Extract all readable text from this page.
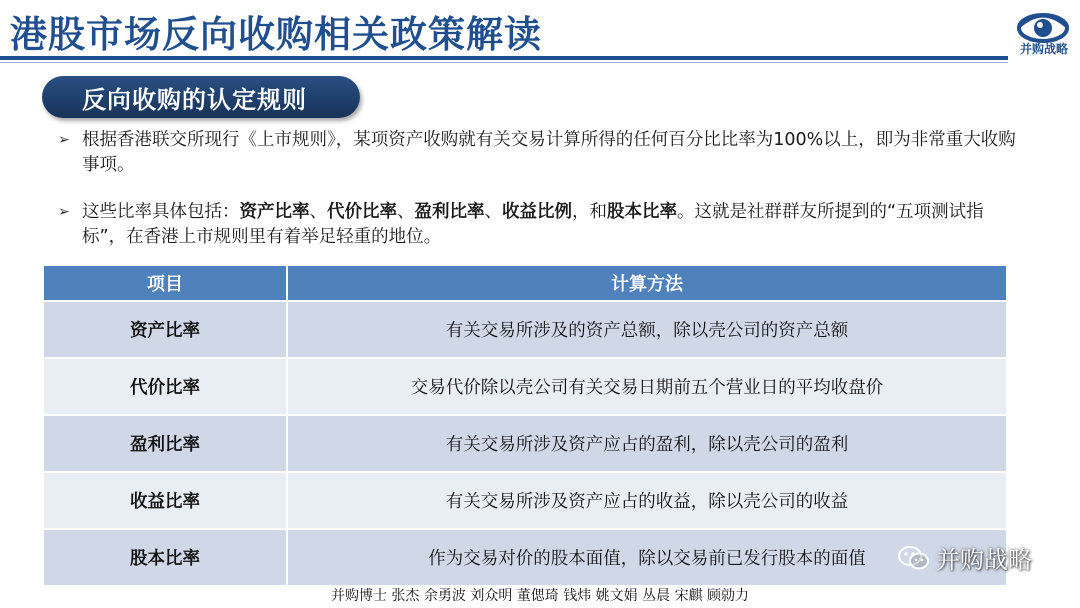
港股市场反向收购相关政策解读	并购战略
反向收购的认定规则
➢ 根据香港联交所现行《上市规则》，某项资产收购就有关交易计算所得的任何百分比比率为100%以上，即为非常重大收购事项。
➢ 这些比率具体包括：资产比率、代价比率、盈利比率、收益比例，和股本比率。这就是社群群友所提到的“五项测试指标”，在香港上市规则里有着举足轻重的地位。
项目	计算方法
资产比率	有关交易所涉及的资产总额，除以壳公司的资产总额
代价比率	交易代价除以壳公司有关交易日期前五个营业日的平均收盘价
盈利比率	有关交易所涉及资产应占的盈利，除以壳公司的盈利
收益比率	有关交易所涉及资产应占的收益，除以壳公司的收益
股本比率	作为交易对价的股本面值，除以交易前已发行股本的面值	并购战略
并购博士 张杰 余勇波 刘众明 董偲琦 钱炜 姚文娟 丛晨 宋麒 顾勍力
